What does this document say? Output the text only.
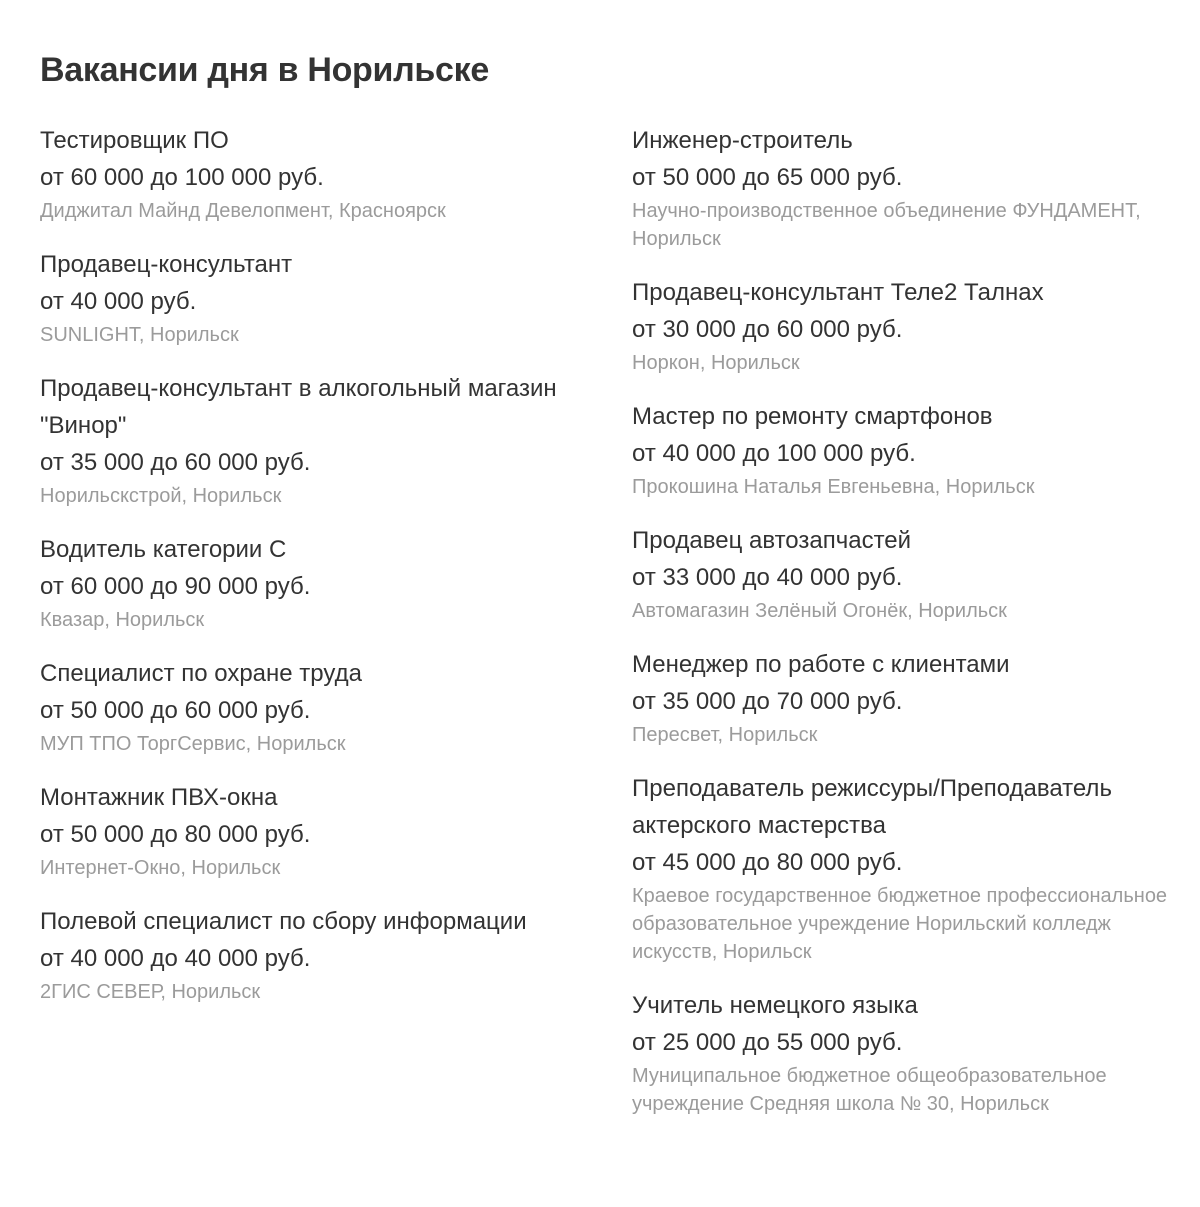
Вакансии дня в Норильске
Тестировщик ПО
от 60 000 до 100 000 руб.
Диджитал Майнд Девелопмент, Красноярск
Продавец-консультант
от 40 000 руб.
SUNLIGHT, Норильск
Продавец-консультант в алкогольный магазин "Винор"
от 35 000 до 60 000 руб.
Норильскстрой, Норильск
Водитель категории С
от 60 000 до 90 000 руб.
Квазар, Норильск
Специалист по охране труда
от 50 000 до 60 000 руб.
МУП ТПО ТоргСервис, Норильск
Монтажник ПВХ-окна
от 50 000 до 80 000 руб.
Интернет-Окно, Норильск
Полевой специалист по сбору информации
от 40 000 до 40 000 руб.
2ГИС СЕВЕР, Норильск
Инженер-строитель
от 50 000 до 65 000 руб.
Научно-производственное объединение ФУНДАМЕНТ, Норильск
Продавец-консультант Теле2 Талнах
от 30 000 до 60 000 руб.
Норкон, Норильск
Мастер по ремонту смартфонов
от 40 000 до 100 000 руб.
Прокошина Наталья Евгеньевна, Норильск
Продавец автозапчастей
от 33 000 до 40 000 руб.
Автомагазин Зелёный Огонёк, Норильск
Менеджер по работе с клиентами
от 35 000 до 70 000 руб.
Пересвет, Норильск
Преподаватель режиссуры/Преподаватель актерского мастерства
от 45 000 до 80 000 руб.
Краевое государственное бюджетное профессиональное образовательное учреждение Норильский колледж искусств, Норильск
Учитель немецкого языка
от 25 000 до 55 000 руб.
Муниципальное бюджетное общеобразовательное учреждение Средняя школа № 30, Норильск
